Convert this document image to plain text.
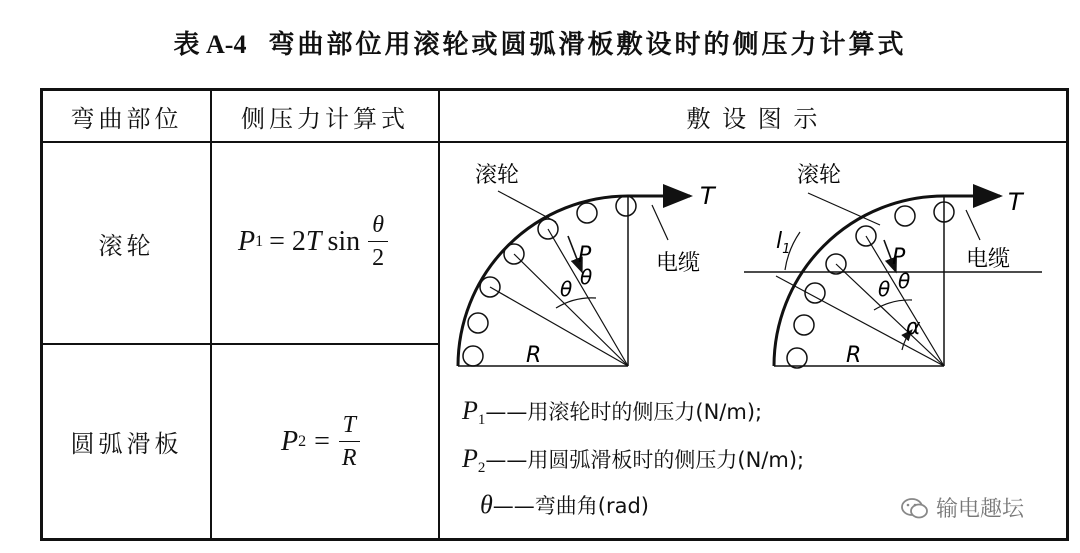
表 A-4 弯曲部位用滚轮或圆弧滑板敷设时的侧压力计算式
弯曲部位	侧压力计算式	敷 设 图 示
滚轮	P 1 = 2 T $\sin \frac{\theta}{2}$
圆弧滑板	P $2 = \frac{T}{R}$
滚轮
T
电缆
P
θ θ
R
滚轮
T
电缆
P
θ θ
α
R
$l_1$
$P_1——$用滚轮时的侧压力(N/m);
$P_2——$用圆弧滑板时的侧压力(N/m);
θ——弯曲角(rad)	输电趣坛
